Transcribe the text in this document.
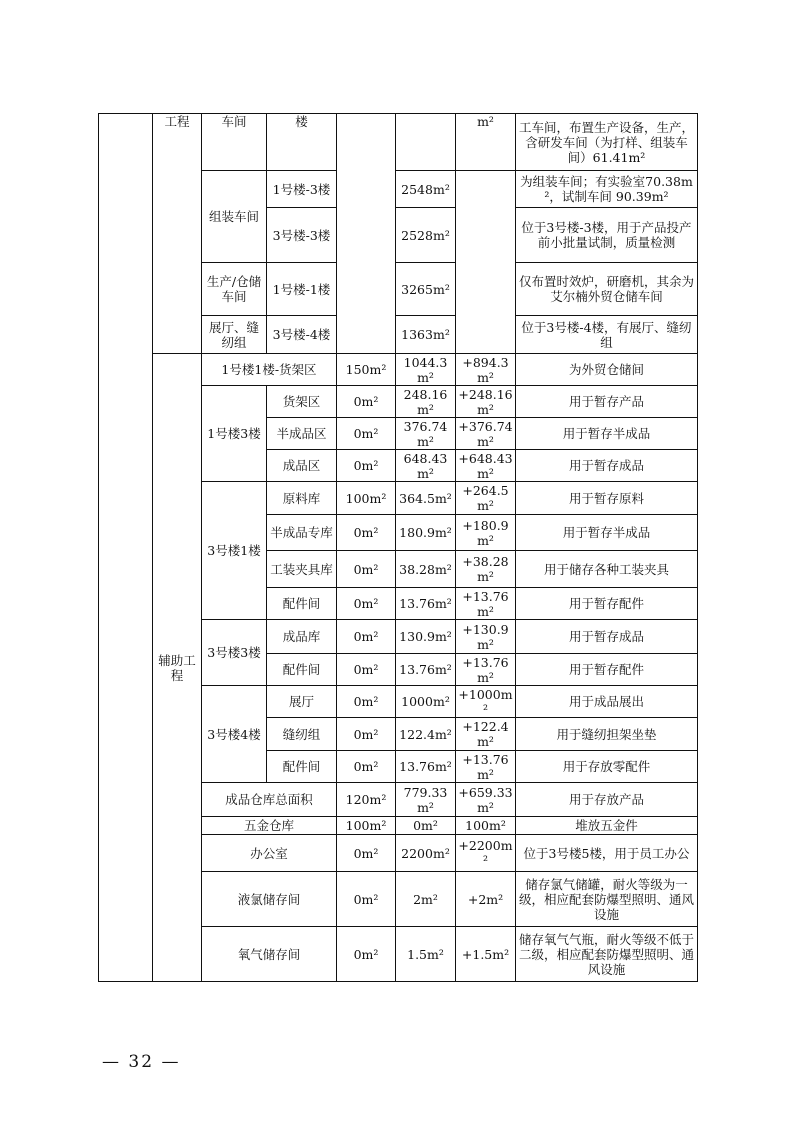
	工程	车间	楼			m²	工车间，布置生产设备，生产，含研发车间（为打样、组装车间）61.41m²
		组装车间	1号楼-3楼		2548m²		为组装车间；有实验室70.38m²，试制车间 90.39m²
			3号楼-3楼		2528m²		位于3号楼-3楼，用于产品投产前小批量试制，质量检测
		生产/仓储车间	1号楼-1楼		3265m²		仅布置时效炉，研磨机，其余为艾尔楠外贸仓储车间
		展厅、缝纫组	3号楼-4楼		1363m²		位于3号楼-4楼，有展厅、缝纫组
	辅助工程	1号楼1楼-货架区		150m²	1044.3m²	+894.3m²	为外贸仓储间
		1号楼3楼	货架区	0m²	248.16m²	+248.16m²	用于暂存产品
			半成品区	0m²	376.74m²	+376.74m²	用于暂存半成品
			成品区	0m²	648.43m²	+648.43m²	用于暂存成品
		3号楼1楼	原料库	100m²	364.5m²	+264.5m²	用于暂存原料
			半成品专库	0m²	180.9m²	+180.9m²	用于暂存半成品
			工装夹具库	0m²	38.28m²	+38.28m²	用于储存各种工装夹具
			配件间	0m²	13.76m²	+13.76m²	用于暂存配件
		3号楼3楼	成品库	0m²	130.9m²	+130.9m²	用于暂存成品
			配件间	0m²	13.76m²	+13.76m²	用于暂存配件
		3号楼4楼	展厅	0m²	1000m²	+1000m²	用于成品展出
			缝纫组	0m²	122.4m²	+122.4m²	用于缝纫担架坐垫
			配件间	0m²	13.76m²	+13.76m²	用于存放零配件
		成品仓库总面积		120m²	779.33m²	+659.33m²	用于存放产品
		五金仓库		100m²	0m²	100m²	堆放五金件
		办公室		0m²	2200m²	+2200m²	位于3号楼5楼，用于员工办公
		液氯储存间		0m²	2m²	+2m²	储存氯气储罐，耐火等级为一级，相应配套防爆型照明、通风设施
		氧气储存间		0m²	1.5m²	+1.5m²	储存氧气气瓶，耐火等级不低于二级，相应配套防爆型照明、通风设施
— 32 —
